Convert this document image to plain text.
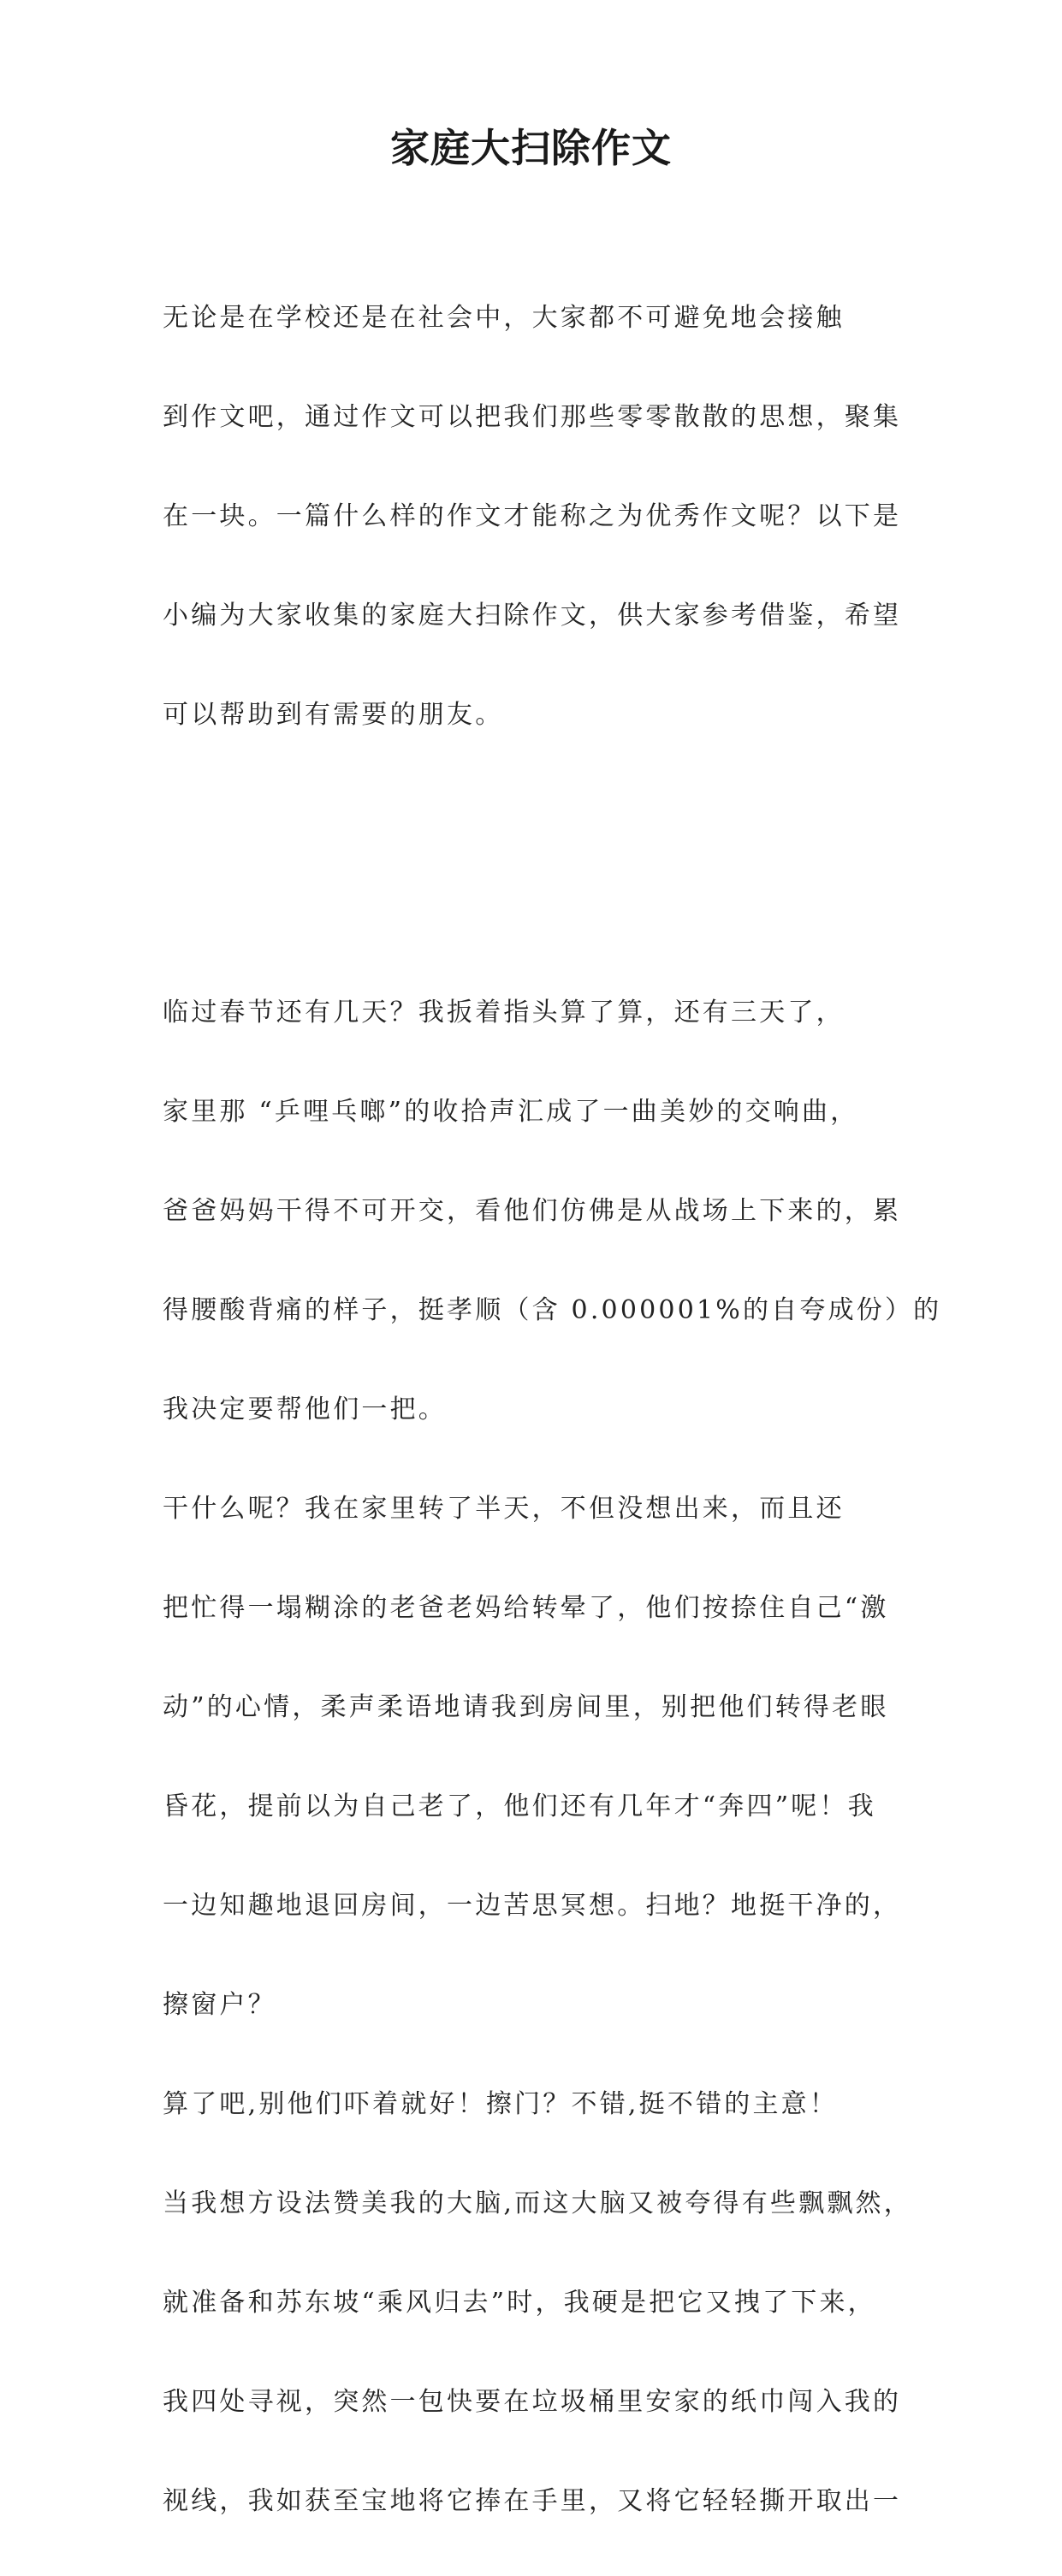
家庭大扫除作文

无论是在学校还是在社会中，大家都不可避免地会接触

到作文吧，通过作文可以把我们那些零零散散的思想，聚集

在一块。一篇什么样的作文才能称之为优秀作文呢？以下是

小编为大家收集的家庭大扫除作文，供大家参考借鉴，希望

可以帮助到有需要的朋友。

临过春节还有几天？我扳着指头算了算，还有三天了，

家里那 “乒哩乓啷”的收拾声汇成了一曲美妙的交响曲，

爸爸妈妈干得不可开交，看他们仿佛是从战场上下来的，累

得腰酸背痛的样子，挺孝顺（含 0.000001%的自夸成份）的

我决定要帮他们一把。

干什么呢？我在家里转了半天，不但没想出来，而且还

把忙得一塌糊涂的老爸老妈给转晕了，他们按捺住自己“激

动”的心情，柔声柔语地请我到房间里，别把他们转得老眼

昏花，提前以为自己老了，他们还有几年才“奔四”呢！我

一边知趣地退回房间，一边苦思冥想。扫地？地挺干净的，

擦窗户？

算了吧,别他们吓着就好！擦门？不错,挺不错的主意！

当我想方设法赞美我的大脑,而这大脑又被夸得有些飘飘然，

就准备和苏东坡“乘风归去”时，我硬是把它又拽了下来，

我四处寻视，突然一包快要在垃圾桶里安家的纸巾闯入我的

视线，我如获至宝地将它捧在手里，又将它轻轻撕开取出一
